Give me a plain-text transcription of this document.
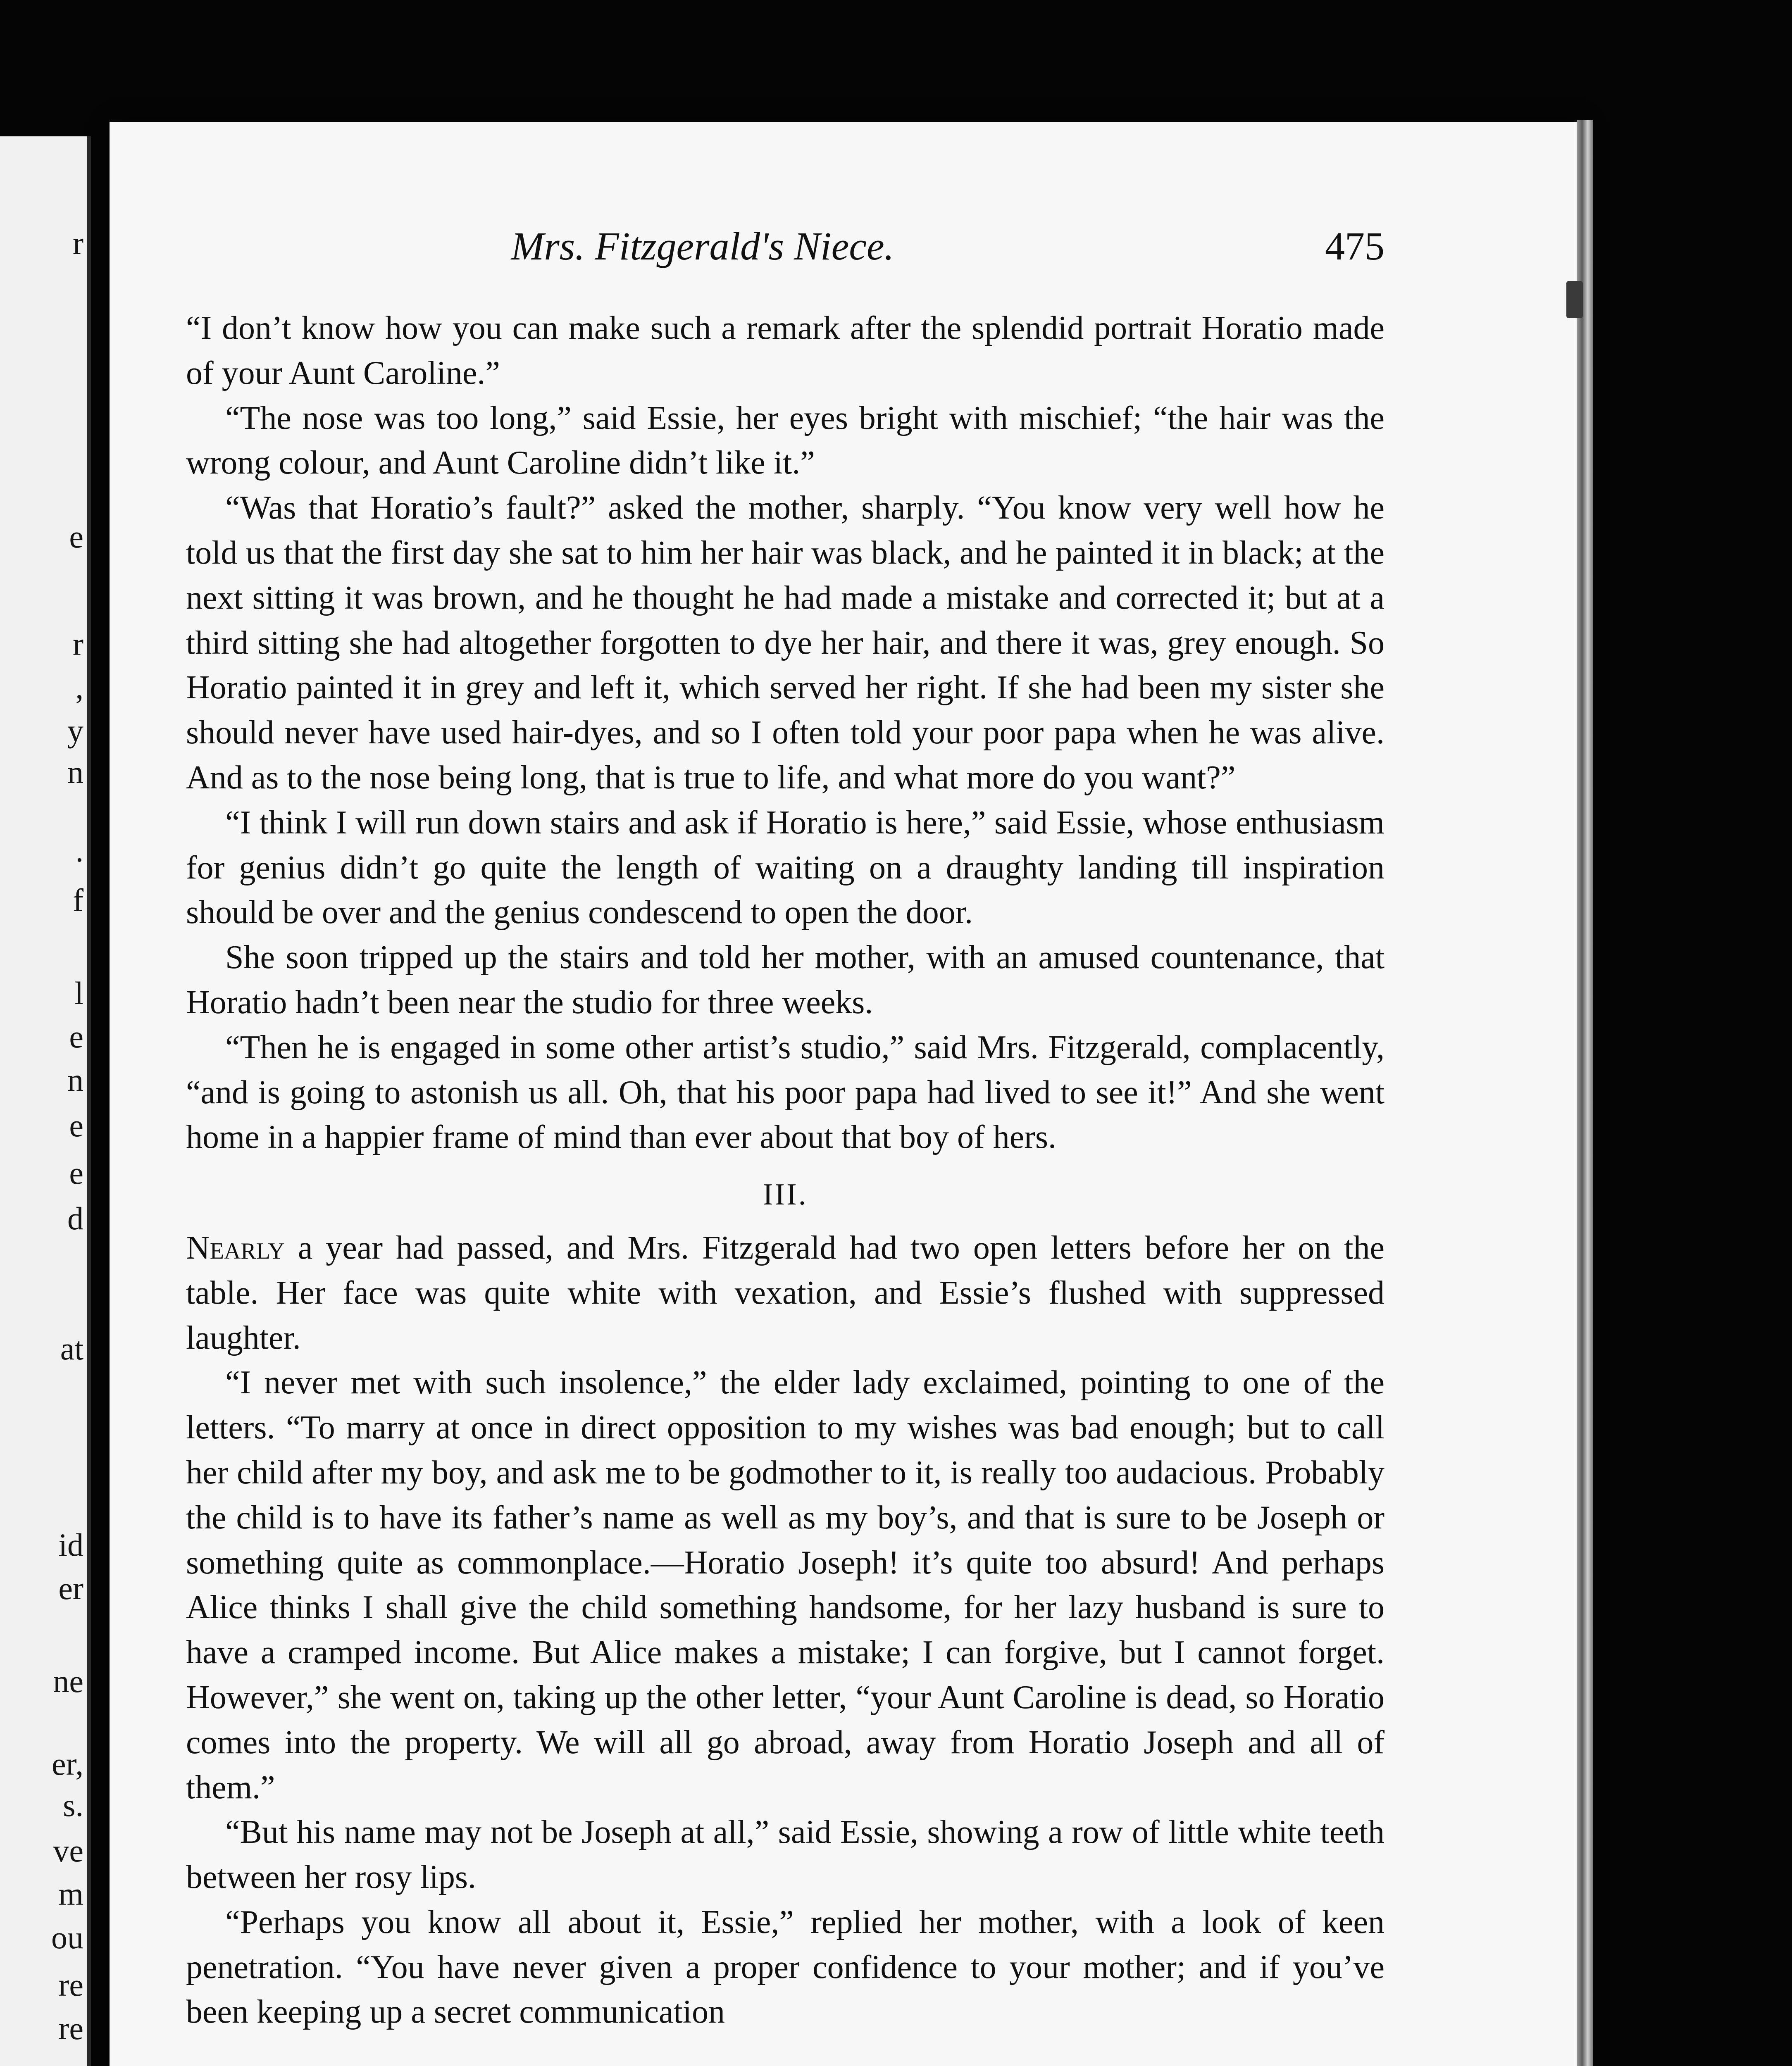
r
e
r
,
y
n
.
f
l
e
n
e
e
d
at
id
er
ne
er,
s.
ve
m
ou
re
re
Mrs. Fitzgerald's Niece.	475

“I don’t know how you can make such a remark after the splendid portrait Horatio made of your Aunt Caroline.”

“The nose was too long,” said Essie, her eyes bright with mischief; “the hair was the wrong colour, and Aunt Caroline didn’t like it.”

“Was that Horatio’s fault?” asked the mother, sharply. “You know very well how he told us that the first day she sat to him her hair was black, and he painted it in black; at the next sitting it was brown, and he thought he had made a mistake and corrected it; but at a third sitting she had altogether forgotten to dye her hair, and there it was, grey enough. So Horatio painted it in grey and left it, which served her right. If she had been my sister she should never have used hair-dyes, and so I often told your poor papa when he was alive. And as to the nose being long, that is true to life, and what more do you want?”

“I think I will run down stairs and ask if Horatio is here,” said Essie, whose enthusiasm for genius didn’t go quite the length of waiting on a draughty landing till inspiration should be over and the genius condescend to open the door.

She soon tripped up the stairs and told her mother, with an amused countenance, that Horatio hadn’t been near the studio for three weeks.

“Then he is engaged in some other artist’s studio,” said Mrs. Fitzgerald, complacently, “and is going to astonish us all. Oh, that his poor papa had lived to see it!” And she went home in a happier frame of mind than ever about that boy of hers.

III.

Nearly a year had passed, and Mrs. Fitzgerald had two open letters before her on the table. Her face was quite white with vexation, and Essie’s flushed with suppressed laughter.

“I never met with such insolence,” the elder lady exclaimed, pointing to one of the letters. “To marry at once in direct opposition to my wishes was bad enough; but to call her child after my boy, and ask me to be godmother to it, is really too audacious. Probably the child is to have its father’s name as well as my boy’s, and that is sure to be Joseph or something quite as commonplace.—Horatio Joseph! it’s quite too absurd! And perhaps Alice thinks I shall give the child something handsome, for her lazy husband is sure to have a cramped income. But Alice makes a mistake; I can forgive, but I cannot forget. However,” she went on, taking up the other letter, “your Aunt Caroline is dead, so Horatio comes into the property. We will all go abroad, away from Horatio Joseph and all of them.”

“But his name may not be Joseph at all,” said Essie, showing a row of little white teeth between her rosy lips.

“Perhaps you know all about it, Essie,” replied her mother, with a look of keen penetration. “You have never given a proper confidence to your mother; and if you’ve been keeping up a secret communication
